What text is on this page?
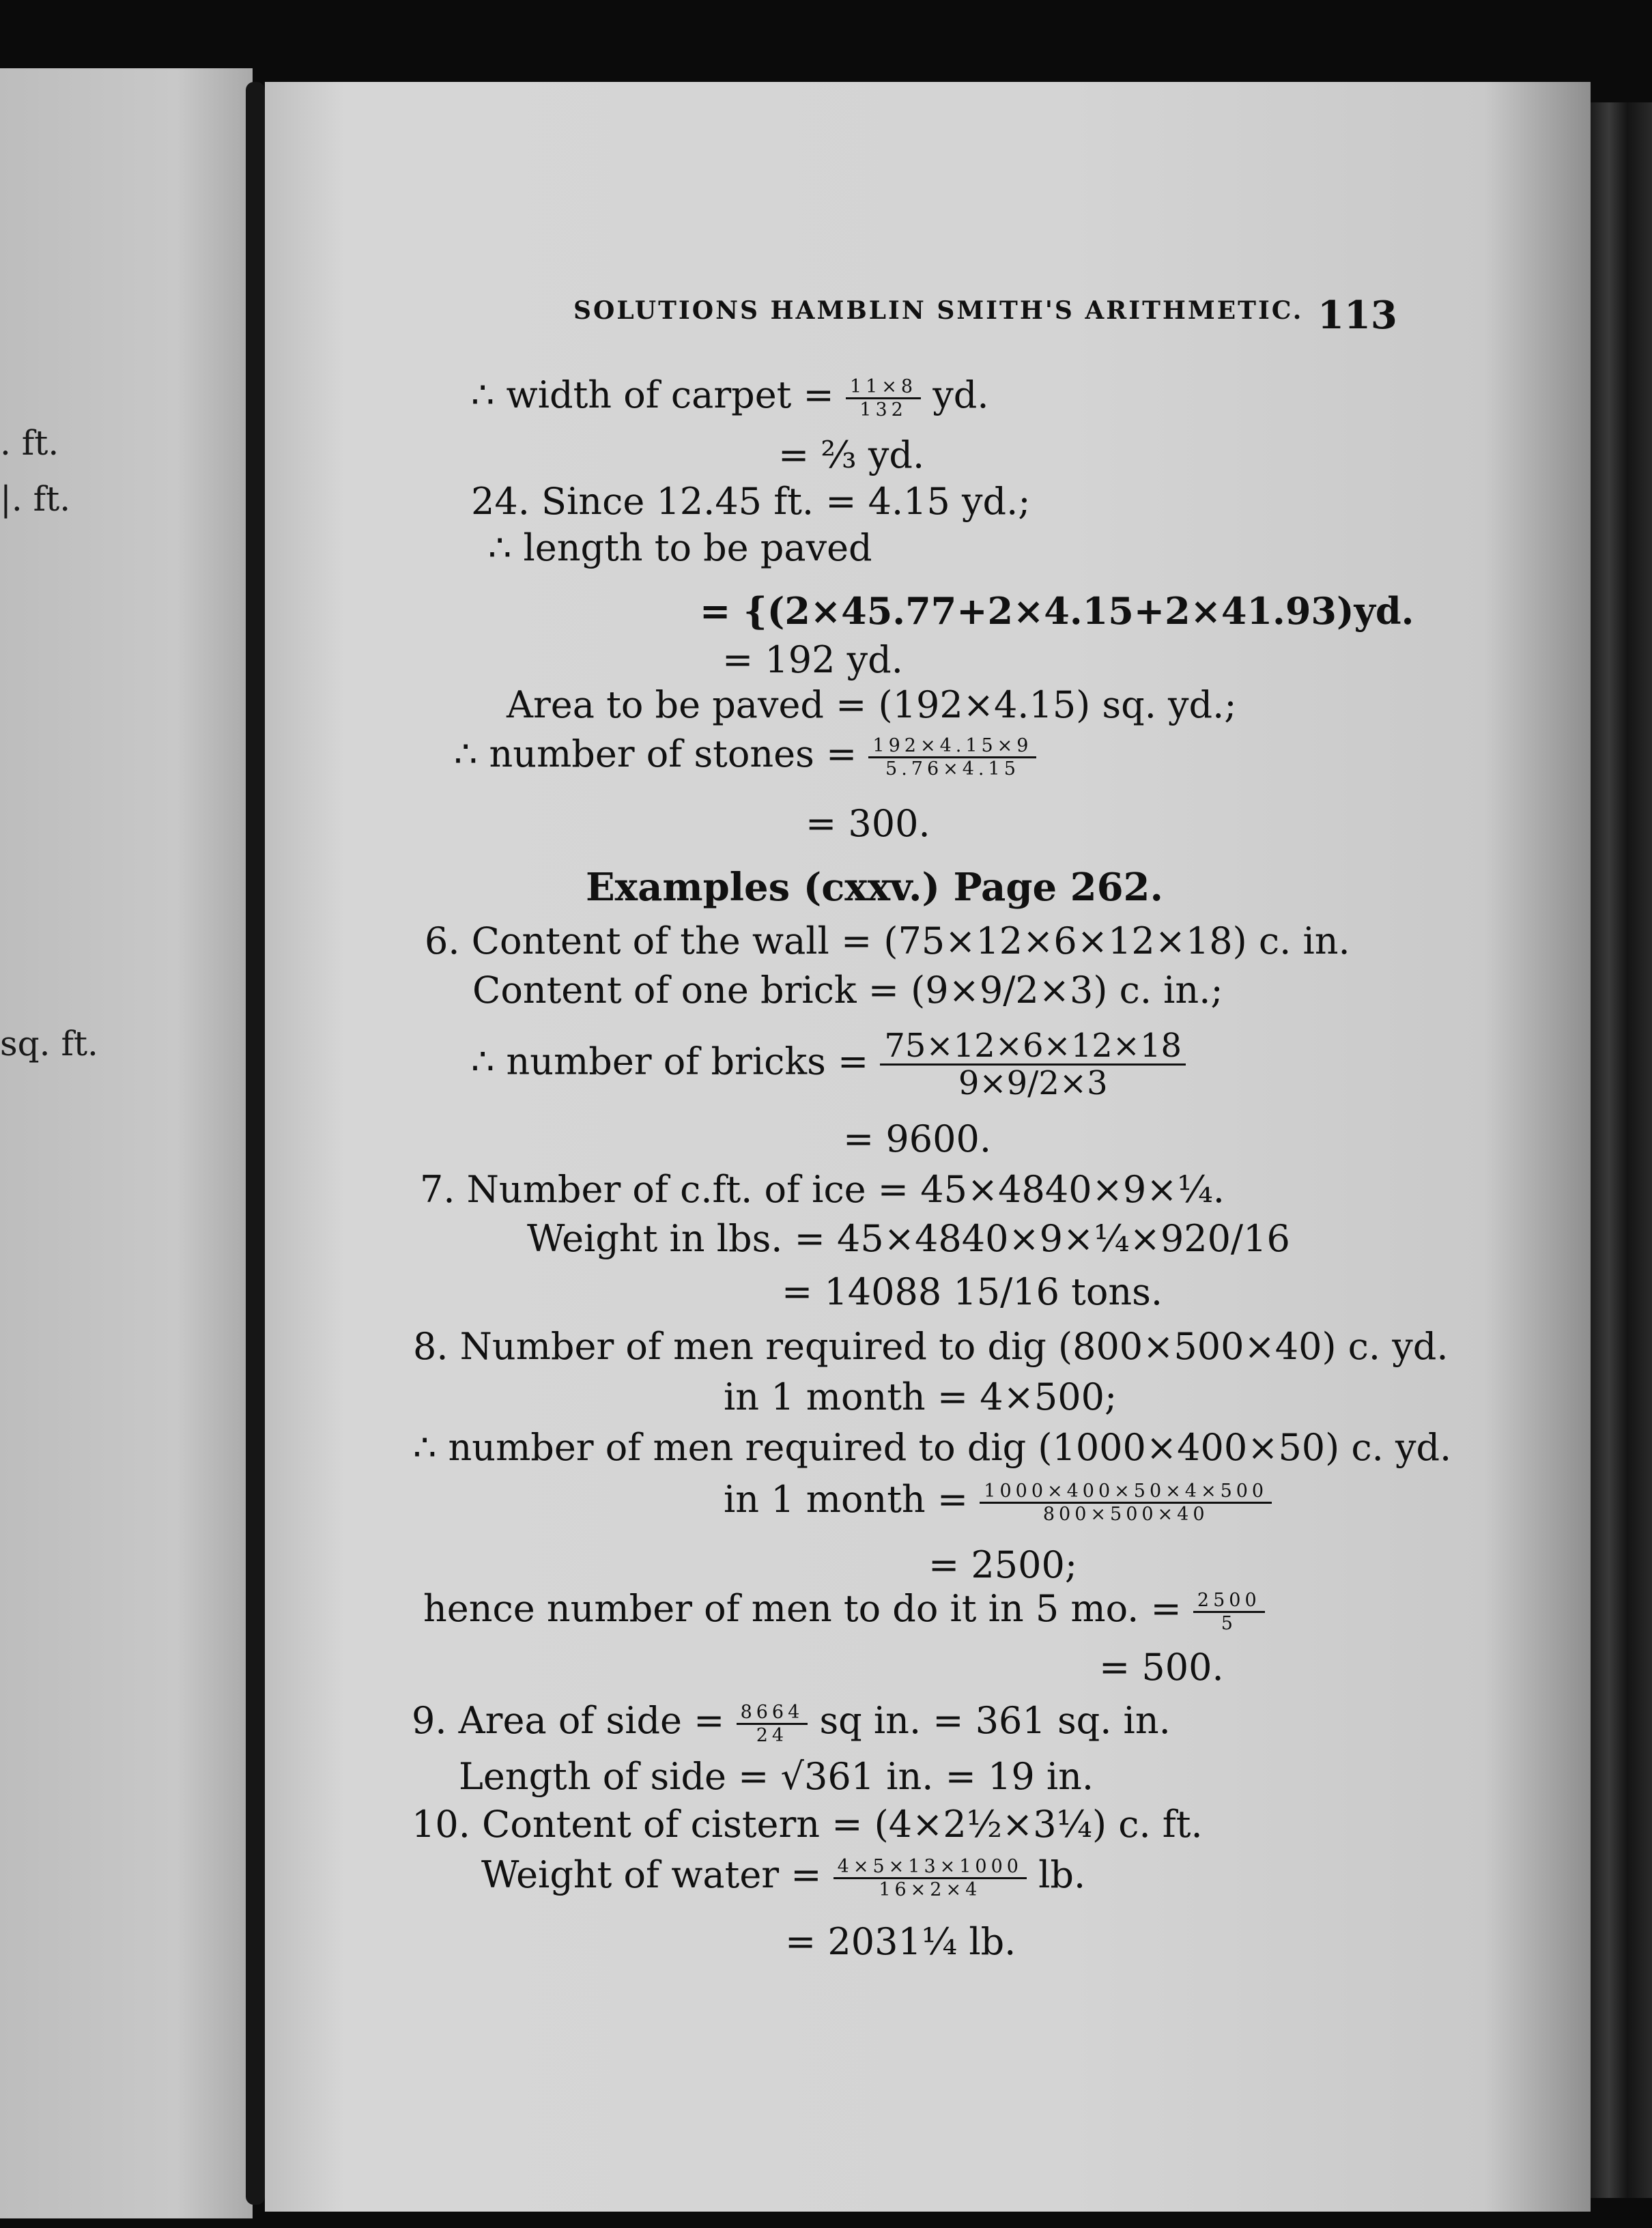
. ft.
|. ft.
sq. ft.
SOLUTIONS HAMBLIN SMITH'S ARITHMETIC. 113
∴ width of carpet = $\frac{11\times 8}{132}$ yd.
= ⅔ yd.
24. Since 12.45 ft. = 4.15 yd.;
∴ length to be paved
= {(2×45.77+2×4.15+2×41.93)yd.
= 192 yd.
Area to be paved = (192×4.15) sq. yd.;
∴ number of stones = $\frac{192\times 4.15\times 9}{5.76\times 4.15}$
= 300.
Examples (cxxv.) Page 262.
6. Content of the wall = (75×12×6×12×18) c. in.
Content of one brick = (9×9/2×3) c. in.;
∴ number of bricks = $\frac{75\times 12\times 6\times 12\times 18}{9\times 9/2\times 3}$
= 9600.
7. Number of c.ft. of ice = 45×4840×9×¼.
Weight in lbs. = 45×4840×9×¼×920/16
= 14088 15/16 tons.
8. Number of men required to dig (800×500×40) c. yd.
in 1 month = 4×500;
∴ number of men required to dig (1000×400×50) c. yd.
in 1 month = $\frac{1000\times 400\times 50\times 4\times 500}{800\times 500\times 40}$
= 2500;
hence number of men to do it in 5 mo. = $\frac{2500}{5}$
= 500.
9. Area of side = $\frac{8664}{24}$ sq in. = 361 sq. in.
Length of side = √361 in. = 19 in.
10. Content of cistern = (4×2½×3¼) c. ft.
Weight of water = $\frac{4\times 5\times 13\times 1000}{16\times 2\times 4}$ lb.
= 2031¼ lb.
